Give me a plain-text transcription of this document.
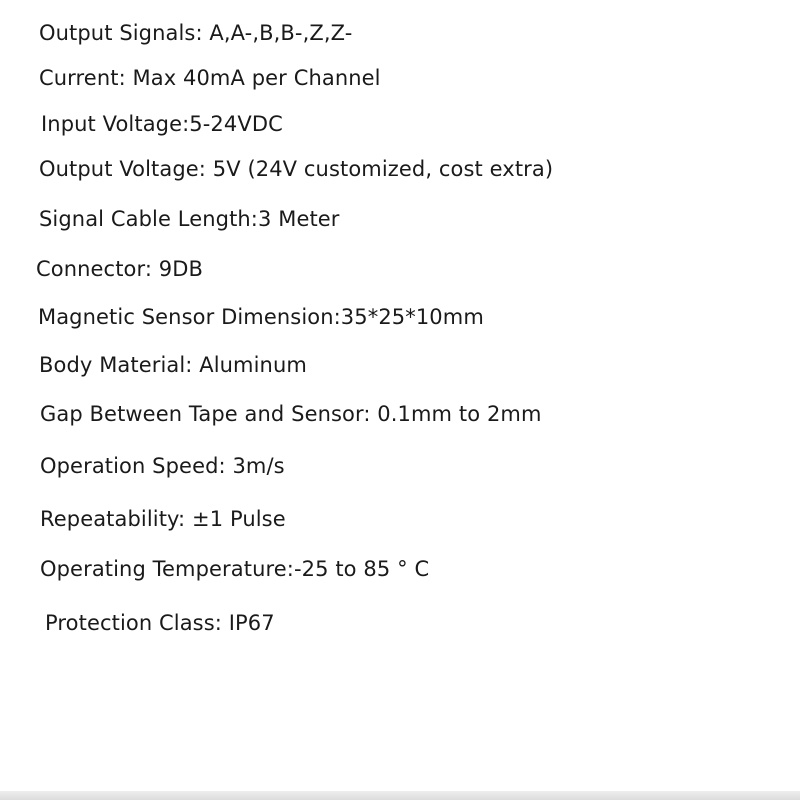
Output Signals: A,A-,B,B-,Z,Z-
Current: Max 40mA per Channel
Input Voltage:5-24VDC
Output Voltage: 5V (24V customized, cost extra)
Signal Cable Length:3 Meter
Connector: 9DB
Magnetic Sensor Dimension:35*25*10mm
Body Material: Aluminum
Gap Between Tape and Sensor: 0.1mm to 2mm
Operation Speed: 3m/s
Repeatability: ±1 Pulse
Operating Temperature:-25 to 85 ° C
Protection Class: IP67
